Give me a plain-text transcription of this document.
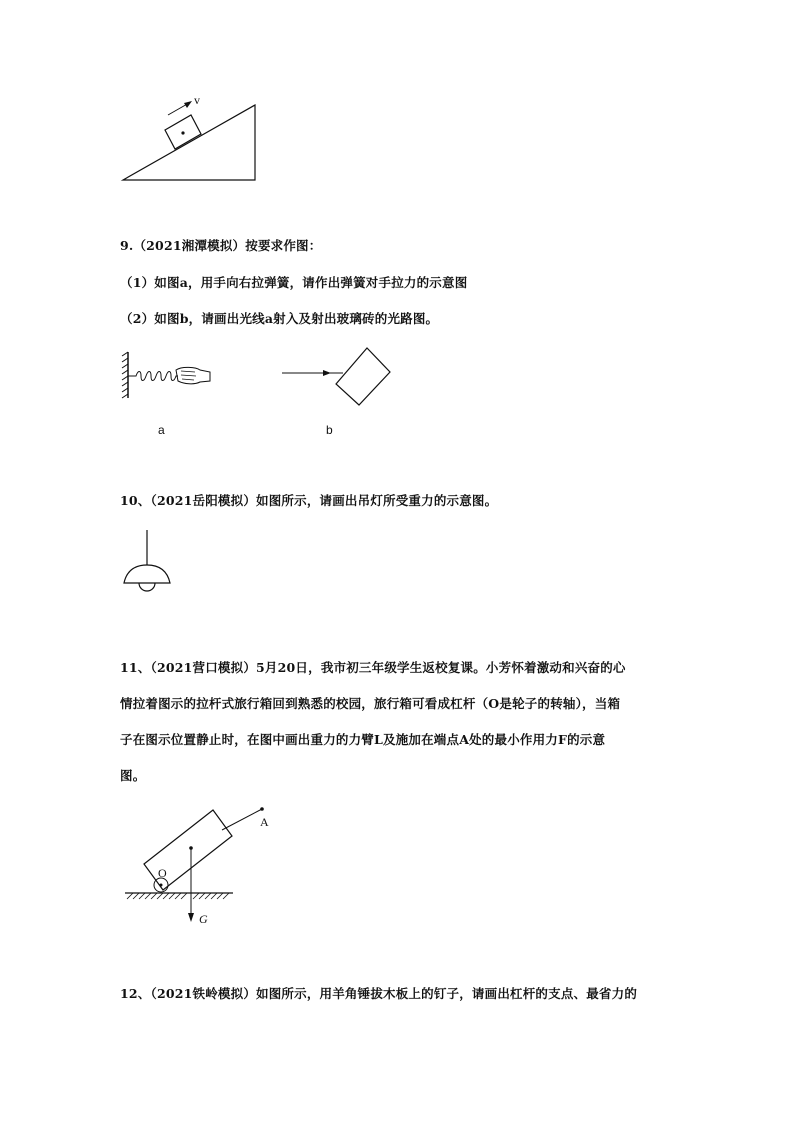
v
9.（2021湘潭模拟）按要求作图：
（1）如图a，用手向右拉弹簧，请作出弹簧对手拉力的示意图
（2）如图b，请画出光线a射入及射出玻璃砖的光路图。
a	b
10、（2021岳阳模拟）如图所示，请画出吊灯所受重力的示意图。
11、（2021营口模拟）5月20日，我市初三年级学生返校复课。小芳怀着激动和兴奋的心
情拉着图示的拉杆式旅行箱回到熟悉的校园，旅行箱可看成杠杆（O是轮子的转轴），当箱
子在图示位置静止时，在图中画出重力的力臂L及施加在端点A处的最小作用力F的示意
图。
A
O
G
12、（2021铁岭模拟）如图所示，用羊角锤拔木板上的钉子，请画出杠杆的支点、最省力的
